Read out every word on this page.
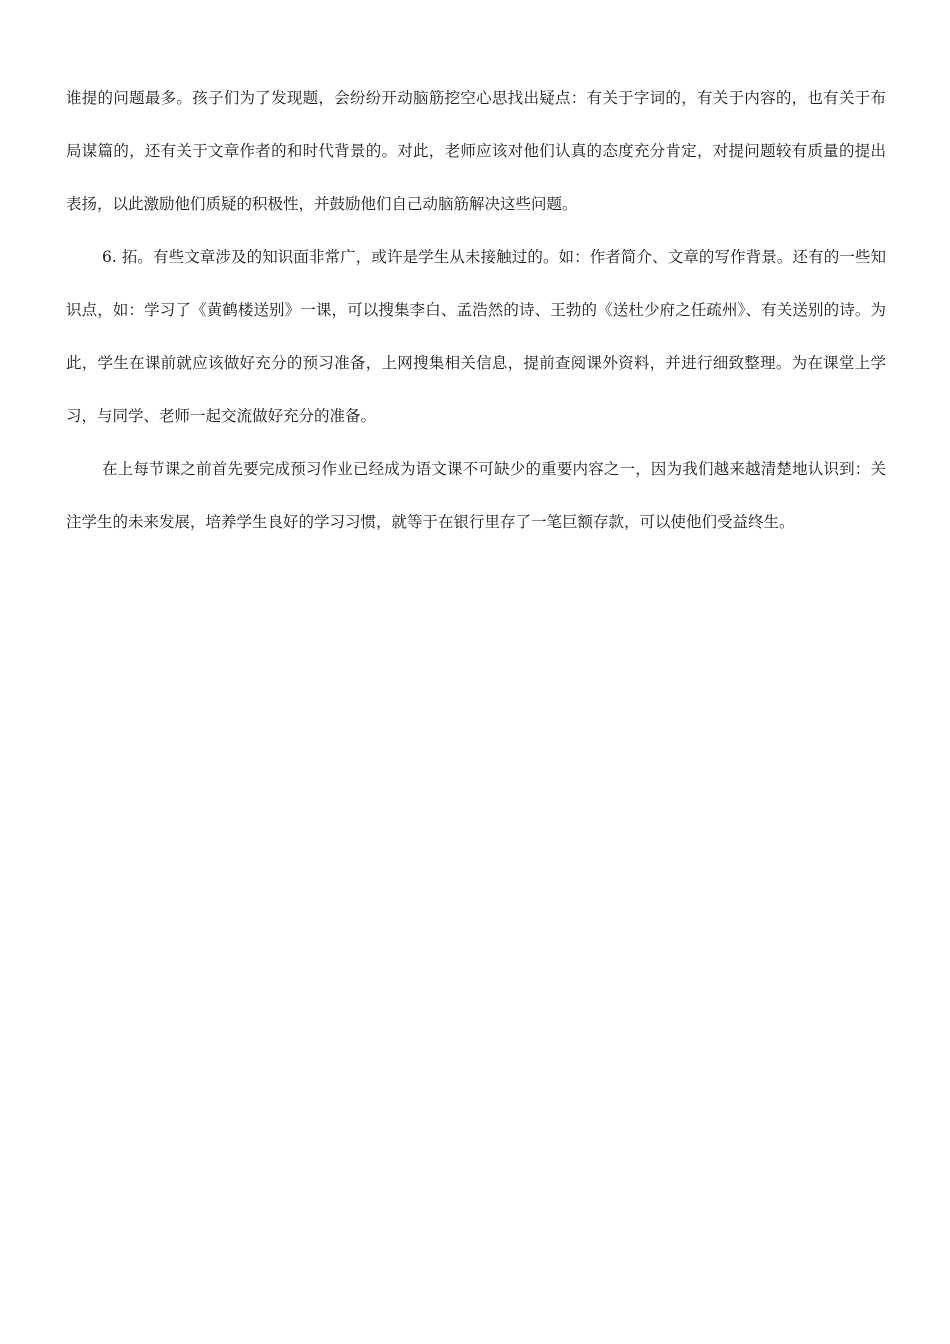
谁提的问题最多。孩子们为了发现题，会纷纷开动脑筋挖空心思找出疑点：有关于字词的，有关于内容的，也有关于布局谋篇的，还有关于文章作者的和时代背景的。对此，老师应该对他们认真的态度充分肯定，对提问题较有质量的提出表扬，以此激励他们质疑的积极性，并鼓励他们自己动脑筋解决这些问题。

6. 拓。有些文章涉及的知识面非常广，或许是学生从未接触过的。如：作者简介、文章的写作背景。还有的一些知识点，如：学习了《黄鹤楼送别》一课，可以搜集李白、孟浩然的诗、王勃的《送杜少府之任疏州》、有关送别的诗。为此，学生在课前就应该做好充分的预习准备，上网搜集相关信息，提前查阅课外资料，并进行细致整理。为在课堂上学习，与同学、老师一起交流做好充分的准备。

在上每节课之前首先要完成预习作业已经成为语文课不可缺少的重要内容之一，因为我们越来越清楚地认识到：关注学生的未来发展，培养学生良好的学习习惯，就等于在银行里存了一笔巨额存款，可以使他们受益终生。
